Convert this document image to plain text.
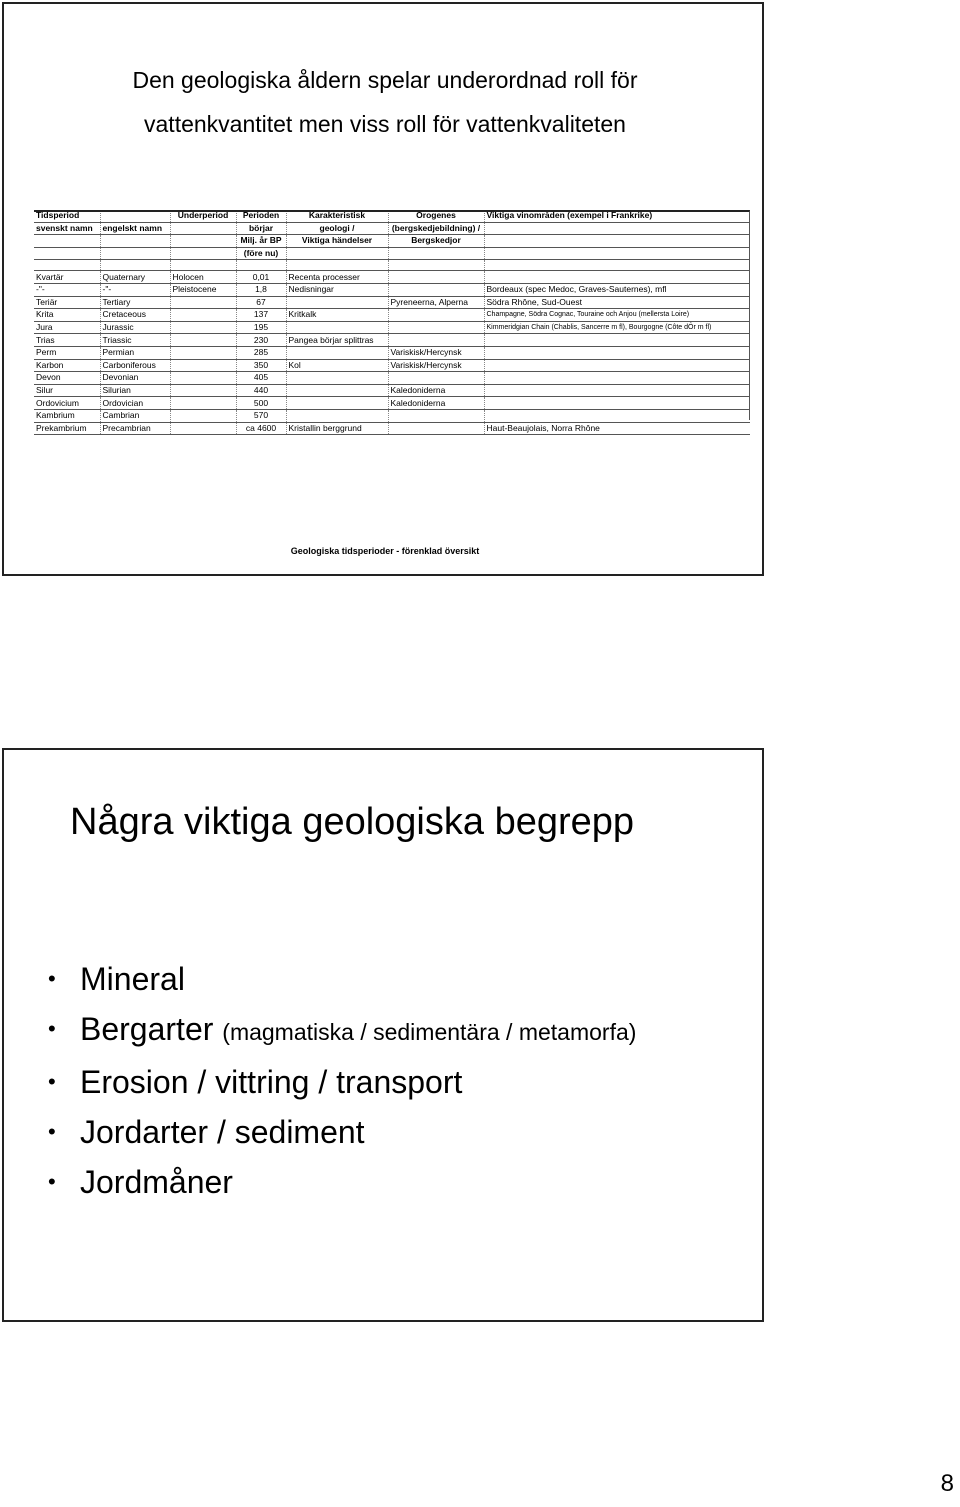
Den geologiska åldern spelar underordnad roll för
vattenkvantitet men viss roll för vattenkvaliteten
Tidsperiod		Underperiod	Perioden	Karakteristisk	Orogenes	Viktiga vinområden (exempel i Frankrike)
svenskt namn	engelskt namn		börjar	geologi /	(bergskedjebildning) /	
			Milj. år BP	Viktiga händelser	Bergskedjor	
			(före nu)			

Kvartär	Quaternary	Holocen	0,01	Recenta processer		
-"-	-"-	Pleistocene	1,8	Nedisningar		Bordeaux (spec Medoc, Graves-Sauternes), mfl
Teriär	Tertiary		67		Pyreneerna, Alperna	Södra Rhône, Sud-Ouest
Krita	Cretaceous		137	Kritkalk		Champagne, Södra Cognac, Touraine och Anjou (mellersta Loire)
Jura	Jurassic		195			Kimmeridgian Chain (Chablis, Sancerre m fl), Bourgogne (Côte dÔr m fl)
Trias	Triassic		230	Pangea börjar splittras		
Perm	Permian		285		Variskisk/Hercynsk	
Karbon	Carboniferous		350	Kol	Variskisk/Hercynsk	
Devon	Devonian		405			
Silur	Silurian		440		Kaledoniderna	
Ordovicium	Ordovician		500		Kaledoniderna	
Kambrium	Cambrian		570			
Prekambrium	Precambrian		ca 4600	Kristallin berggrund		Haut-Beaujolais, Norra Rhône
Geologiska tidsperioder - förenklad översikt
Några viktiga geologiska begrepp
• Mineral
• Bergarter (magmatiska / sedimentära / metamorfa)
• Erosion / vittring / transport
• Jordarter / sediment
• Jordmåner
8
